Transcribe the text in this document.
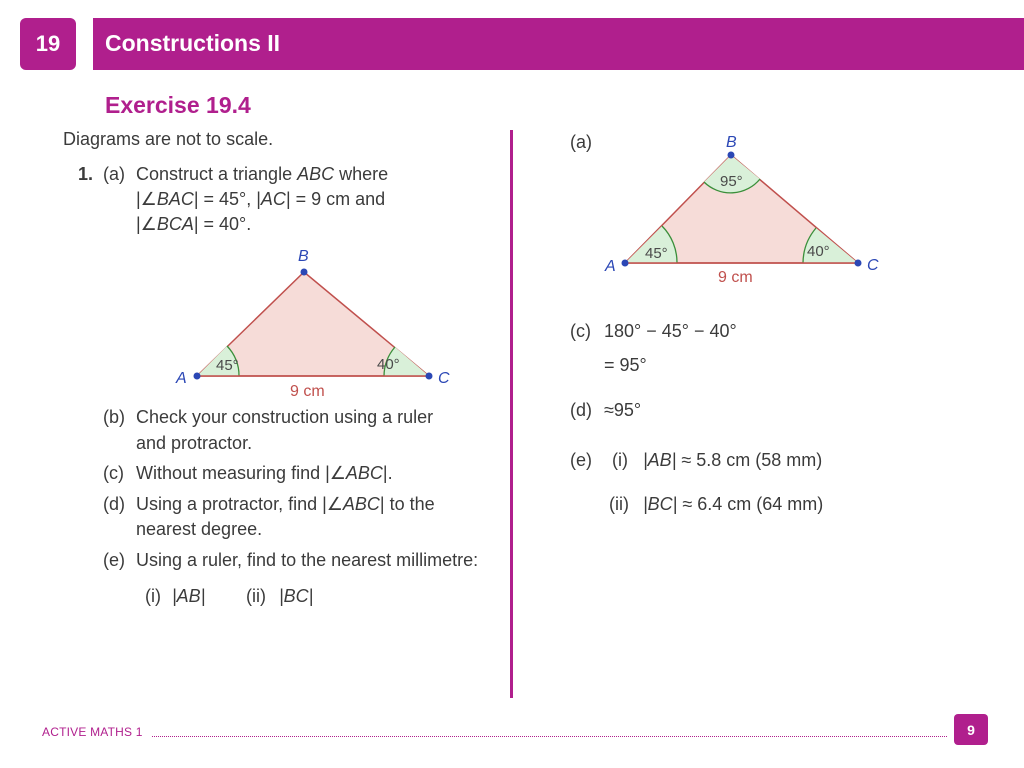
19	Constructions II
Exercise 19.4
Diagrams are not to scale.
1. (a) Construct a triangle ABC where
|∠BAC| = 45°, |AC| = 9 cm and
|∠BCA| = 40°.
A
B
C
45°	40°
9 cm
(b) Check your construction using a ruler
and protractor.
(c) Without measuring find |∠ABC|.
(d) Using a protractor, find |∠ABC| to the
nearest degree.
(e) Using a ruler, find to the nearest millimetre:
(i) |AB| (ii) |BC|
(a)
A
B
C
45°	40°
95°
9 cm
(c) 180° − 45° − 40°
= 95°
(d) ≈95°
(e) (i) |AB| ≈ 5.8 cm (58 mm)
(ii) |BC| ≈ 6.4 cm (64 mm)
ACTIVE MATHS 1	9
